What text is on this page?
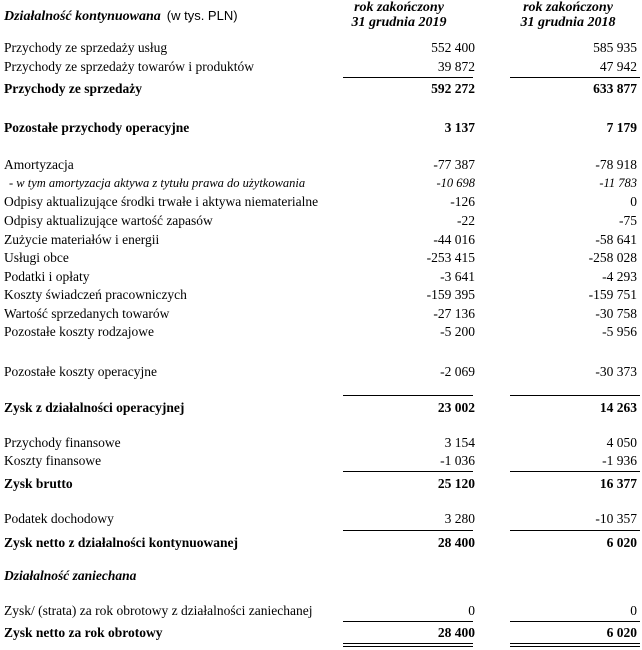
Działalność kontynuowana (w tys. PLN)
rok zakończony
31 grudnia 2019
rok zakończony
31 grudnia 2018
Przychody ze sprzedaży usług	552 400	585 935
Przychody ze sprzedaży towarów i produktów	39 872	47 942
Przychody ze sprzedaży	592 272	633 877
Pozostałe przychody operacyjne	3 137	7 179
Amortyzacja	-77 387	-78 918
- w tym amortyzacja aktywa z tytułu prawa do użytkowania	-10 698	-11 783
Odpisy aktualizujące środki trwałe i aktywa niematerialne	-126	0
Odpisy aktualizujące wartość zapasów	-22	-75
Zużycie materiałów i energii	-44 016	-58 641
Usługi obce	-253 415	-258 028
Podatki i opłaty	-3 641	-4 293
Koszty świadczeń pracowniczych	-159 395	-159 751
Wartość sprzedanych towarów	-27 136	-30 758
Pozostałe koszty rodzajowe	-5 200	-5 956
Pozostałe koszty operacyjne	-2 069	-30 373
Zysk z działalności operacyjnej	23 002	14 263
Przychody finansowe	3 154	4 050
Koszty finansowe	-1 036	-1 936
Zysk brutto	25 120	16 377
Podatek dochodowy	3 280	-10 357
Zysk netto z działalności kontynuowanej	28 400	6 020
Działalność zaniechana
Zysk/ (strata) za rok obrotowy z działalności zaniechanej	0	0
Zysk netto za rok obrotowy	28 400	6 020
